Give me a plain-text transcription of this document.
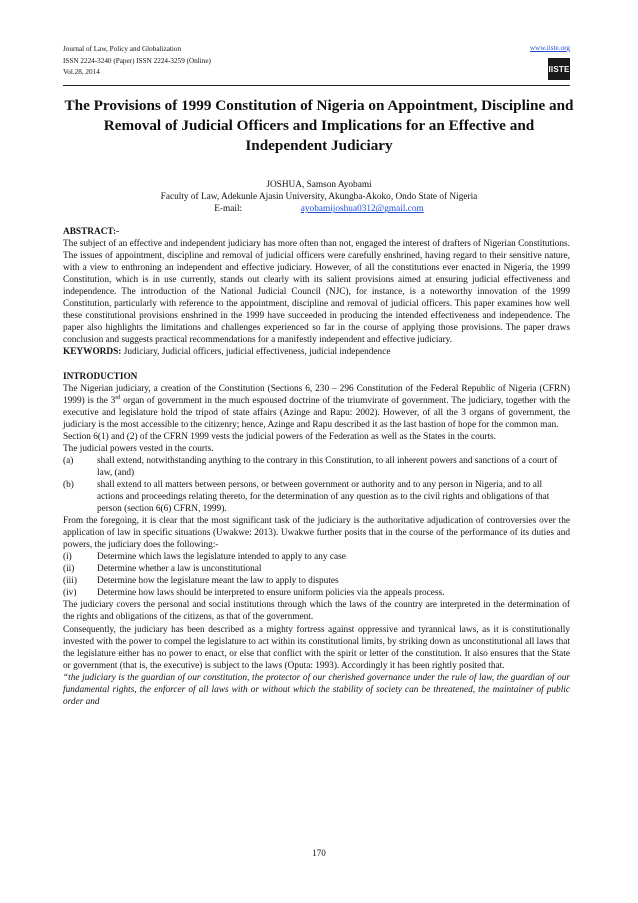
Journal of Law, Policy and Globalization
ISSN 2224-3240 (Paper) ISSN 2224-3259 (Online)
Vol.28, 2014
www.iiste.org
IISTE
The Provisions of 1999 Constitution of Nigeria on Appointment, Discipline and Removal of Judicial Officers and Implications for an Effective and Independent Judiciary
JOSHUA, Samson Ayobami
Faculty of Law, Adekunle Ajasin University, Akungba-Akoko, Ondo State of Nigeria
E-mail:	ayobamijoshua0312@gmail.com

ABSTRACT:-

The subject of an effective and independent judiciary has more often than not, engaged the interest of drafters of Nigerian Constitutions. The issues of appointment, discipline and removal of judicial officers were carefully enshrined, having regard to their sensitive nature, with a view to enthroning an independent and effective judiciary. However, of all the constitutions ever enacted in Nigeria, the 1999 Constitution, which is in use currently, stands out clearly with its salient provisions aimed at ensuring judicial effectiveness and independence. The introduction of the National Judicial Council (NJC), for instance, is a noteworthy innovation of the 1999 Constitution, particularly with reference to the appointment, discipline and removal of judicial officers. This paper examines how well these constitutional provisions enshrined in the 1999 have succeeded in producing the intended effectiveness and independence. The paper also highlights the limitations and challenges experienced so far in the course of applying those provisions. The paper draws conclusion and suggests practical recommendations for a manifestly independent and effective judiciary.

KEYWORDS: Judiciary, Judicial officers, judicial effectiveness, judicial independence

INTRODUCTION

The Nigerian judiciary, a creation of the Constitution (Sections 6, 230 – 296 Constitution of the Federal Republic of Nigeria (CFRN) 1999) is the 3rd organ of government in the much espoused doctrine of the triumvirate of government. The judiciary, together with the executive and legislature hold the tripod of state affairs (Azinge and Rapu: 2002). However, of all the 3 organs of government, the judiciary is the most accessible to the citizenry; hence, Azinge and Rapu described it as the last bastion of hope for the common man.

Section 6(1) and (2) of the CFRN 1999 vests the judicial powers of the Federation as well as the States in the courts.

The judicial powers vested in the courts.

(a)	shall extend, notwithstanding anything to the contrary in this Constitution, to all inherent powers and sanctions of a court of law, (and)
(b)	shall extend to all matters between persons, or between government or authority and to any person in Nigeria, and to all actions and proceedings relating thereto, for the determination of any question as to the civil rights and obligations of that person (section 6(6) CFRN, 1999).

From the foregoing, it is clear that the most significant task of the judiciary is the authoritative adjudication of controversies over the application of law in specific situations (Uwakwe: 2013). Uwakwe further posits that in the course of the performance of its duties and powers, the judiciary does the following:-

(i)	Determine which laws the legislature intended to apply to any case
(ii)	Determine whether a law is unconstitutional
(iii)	Determine how the legislature meant the law to apply to disputes
(iv)	Determine how laws should be interpreted to ensure uniform policies via the appeals process.

The judiciary covers the personal and social institutions through which the laws of the country are interpreted in the determination of the rights and obligations of the citizens, as that of the government.

Consequently, the judiciary has been described as a mighty fortress against oppressive and tyrannical laws, as it is constitutionally invested with the power to compel the legislature to act within its constitutional limits, by striking down as unconstitutional all laws that the legislature either has no power to enact, or else that conflict with the spirit or letter of the constitution. It also ensures that the State or government (that is, the executive) is subject to the laws (Oputa: 1993). Accordingly it has been rightly posited that.

“the judiciary is the guardian of our constitution, the protector of our cherished governance under the rule of law, the guardian of our fundamental rights, the enforcer of all laws with or without which the stability of society can be threatened, the maintainer of public order and

170
